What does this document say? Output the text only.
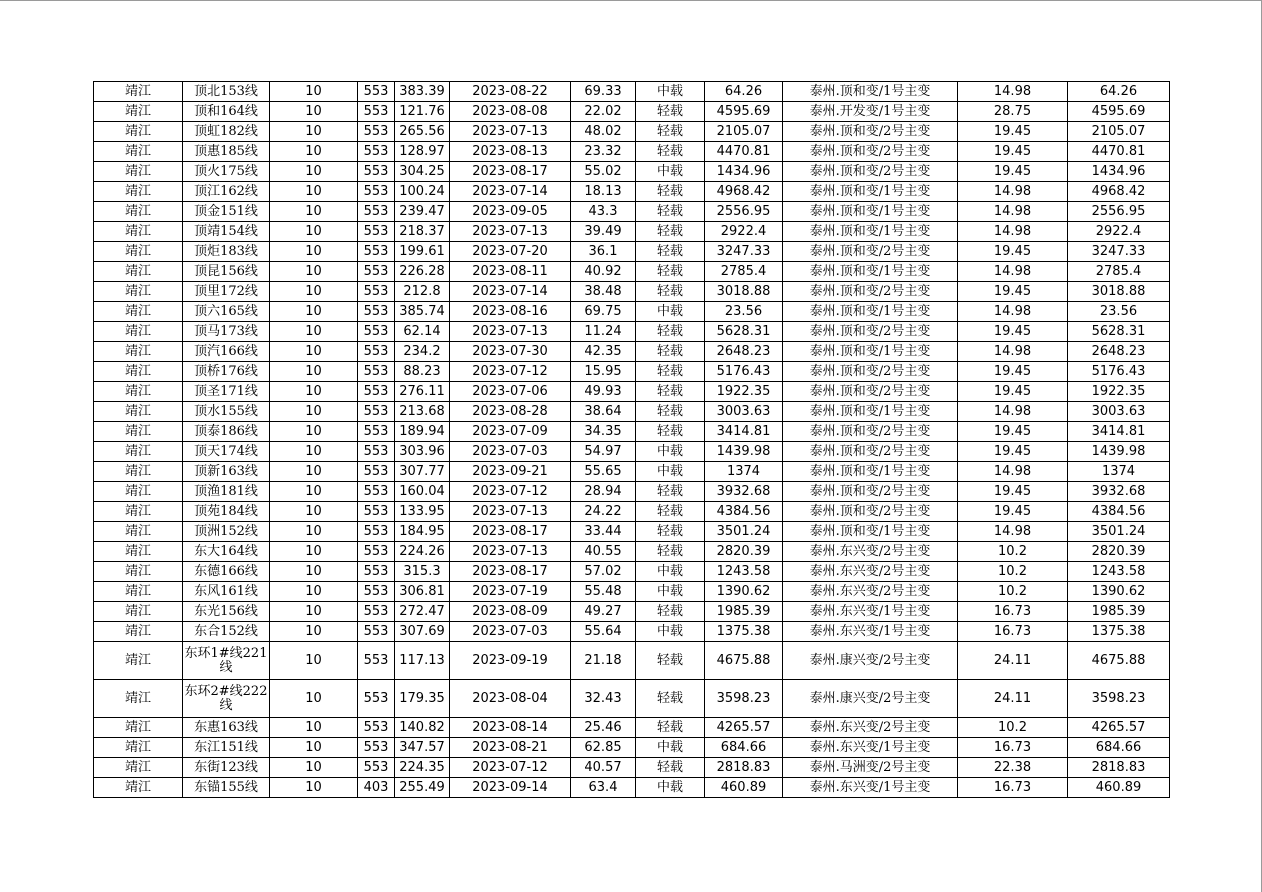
靖江	顶北153线	10	553	383.39	2023-08-22	69.33	中载	64.26	泰州.顶和变/1号主变	14.98	64.26
靖江	顶和164线	10	553	121.76	2023-08-08	22.02	轻载	4595.69	泰州.开发变/1号主变	28.75	4595.69
靖江	顶虹182线	10	553	265.56	2023-07-13	48.02	轻载	2105.07	泰州.顶和变/2号主变	19.45	2105.07
靖江	顶惠185线	10	553	128.97	2023-08-13	23.32	轻载	4470.81	泰州.顶和变/2号主变	19.45	4470.81
靖江	顶火175线	10	553	304.25	2023-08-17	55.02	中载	1434.96	泰州.顶和变/2号主变	19.45	1434.96
靖江	顶江162线	10	553	100.24	2023-07-14	18.13	轻载	4968.42	泰州.顶和变/1号主变	14.98	4968.42
靖江	顶金151线	10	553	239.47	2023-09-05	43.3	轻载	2556.95	泰州.顶和变/1号主变	14.98	2556.95
靖江	顶靖154线	10	553	218.37	2023-07-13	39.49	轻载	2922.4	泰州.顶和变/1号主变	14.98	2922.4
靖江	顶炬183线	10	553	199.61	2023-07-20	36.1	轻载	3247.33	泰州.顶和变/2号主变	19.45	3247.33
靖江	顶昆156线	10	553	226.28	2023-08-11	40.92	轻载	2785.4	泰州.顶和变/1号主变	14.98	2785.4
靖江	顶里172线	10	553	212.8	2023-07-14	38.48	轻载	3018.88	泰州.顶和变/2号主变	19.45	3018.88
靖江	顶六165线	10	553	385.74	2023-08-16	69.75	中载	23.56	泰州.顶和变/1号主变	14.98	23.56
靖江	顶马173线	10	553	62.14	2023-07-13	11.24	轻载	5628.31	泰州.顶和变/2号主变	19.45	5628.31
靖江	顶汽166线	10	553	234.2	2023-07-30	42.35	轻载	2648.23	泰州.顶和变/1号主变	14.98	2648.23
靖江	顶桥176线	10	553	88.23	2023-07-12	15.95	轻载	5176.43	泰州.顶和变/2号主变	19.45	5176.43
靖江	顶圣171线	10	553	276.11	2023-07-06	49.93	轻载	1922.35	泰州.顶和变/2号主变	19.45	1922.35
靖江	顶水155线	10	553	213.68	2023-08-28	38.64	轻载	3003.63	泰州.顶和变/1号主变	14.98	3003.63
靖江	顶泰186线	10	553	189.94	2023-07-09	34.35	轻载	3414.81	泰州.顶和变/2号主变	19.45	3414.81
靖江	顶天174线	10	553	303.96	2023-07-03	54.97	中载	1439.98	泰州.顶和变/2号主变	19.45	1439.98
靖江	顶新163线	10	553	307.77	2023-09-21	55.65	中载	1374	泰州.顶和变/1号主变	14.98	1374
靖江	顶渔181线	10	553	160.04	2023-07-12	28.94	轻载	3932.68	泰州.顶和变/2号主变	19.45	3932.68
靖江	顶苑184线	10	553	133.95	2023-07-13	24.22	轻载	4384.56	泰州.顶和变/2号主变	19.45	4384.56
靖江	顶洲152线	10	553	184.95	2023-08-17	33.44	轻载	3501.24	泰州.顶和变/1号主变	14.98	3501.24
靖江	东大164线	10	553	224.26	2023-07-13	40.55	轻载	2820.39	泰州.东兴变/2号主变	10.2	2820.39
靖江	东德166线	10	553	315.3	2023-08-17	57.02	中载	1243.58	泰州.东兴变/2号主变	10.2	1243.58
靖江	东风161线	10	553	306.81	2023-07-19	55.48	中载	1390.62	泰州.东兴变/2号主变	10.2	1390.62
靖江	东光156线	10	553	272.47	2023-08-09	49.27	轻载	1985.39	泰州.东兴变/1号主变	16.73	1985.39
靖江	东合152线	10	553	307.69	2023-07-03	55.64	中载	1375.38	泰州.东兴变/1号主变	16.73	1375.38
靖江	东环1#线221线	10	553	117.13	2023-09-19	21.18	轻载	4675.88	泰州.康兴变/2号主变	24.11	4675.88
靖江	东环2#线222线	10	553	179.35	2023-08-04	32.43	轻载	3598.23	泰州.康兴变/2号主变	24.11	3598.23
靖江	东惠163线	10	553	140.82	2023-08-14	25.46	轻载	4265.57	泰州.东兴变/2号主变	10.2	4265.57
靖江	东江151线	10	553	347.57	2023-08-21	62.85	中载	684.66	泰州.东兴变/1号主变	16.73	684.66
靖江	东街123线	10	553	224.35	2023-07-12	40.57	轻载	2818.83	泰州.马洲变/2号主变	22.38	2818.83
靖江	东锚155线	10	403	255.49	2023-09-14	63.4	中载	460.89	泰州.东兴变/1号主变	16.73	460.89
